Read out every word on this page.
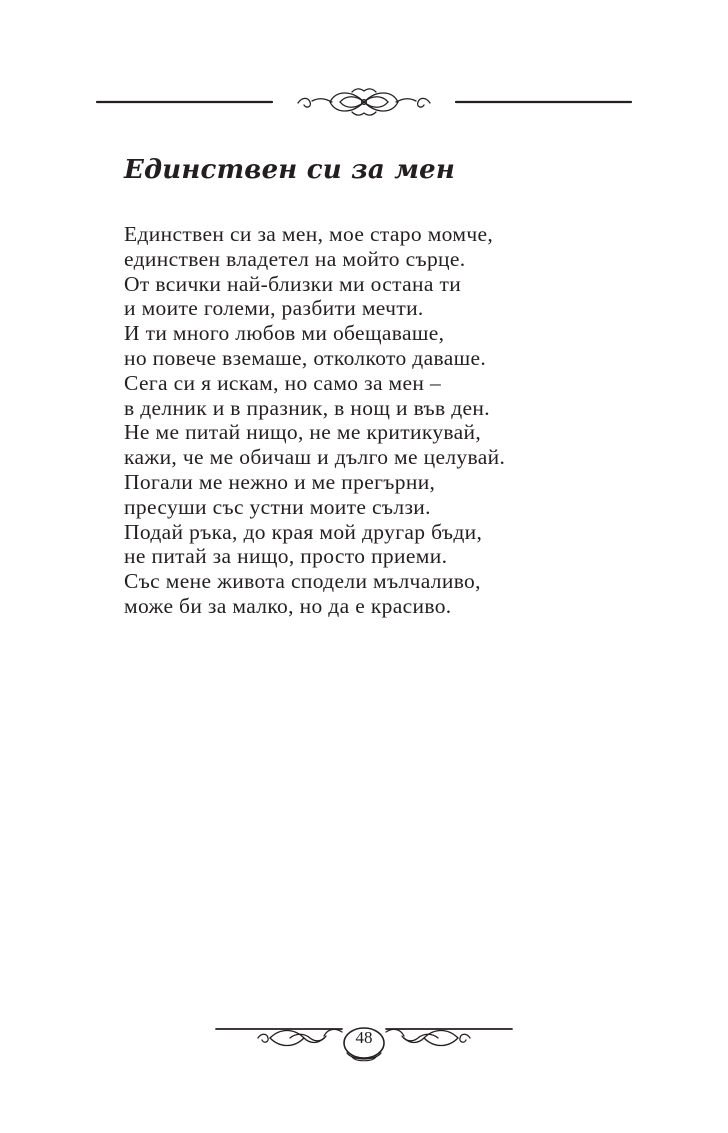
Единствен си за мен
Единствен си за мен, мое старо момче,
единствен владетел на мойто сърце.
От всички най-близки ми остана ти
и моите големи, разбити мечти.
И ти много любов ми обещаваше,
но повече вземаше, отколкото даваше.
Сега си я искам, но само за мен –
в делник и в празник, в нощ и във ден.
Не ме питай нищо, не ме критикувай,
кажи, че ме обичаш и дълго ме целувай.
Погали ме нежно и ме прегърни,
пресуши със устни моите сълзи.
Подай ръка, до края мой другар бъди,
не питай за нищо, просто приеми.
Със мене живота сподели мълчаливо,
може би за малко, но да е красиво.
48
